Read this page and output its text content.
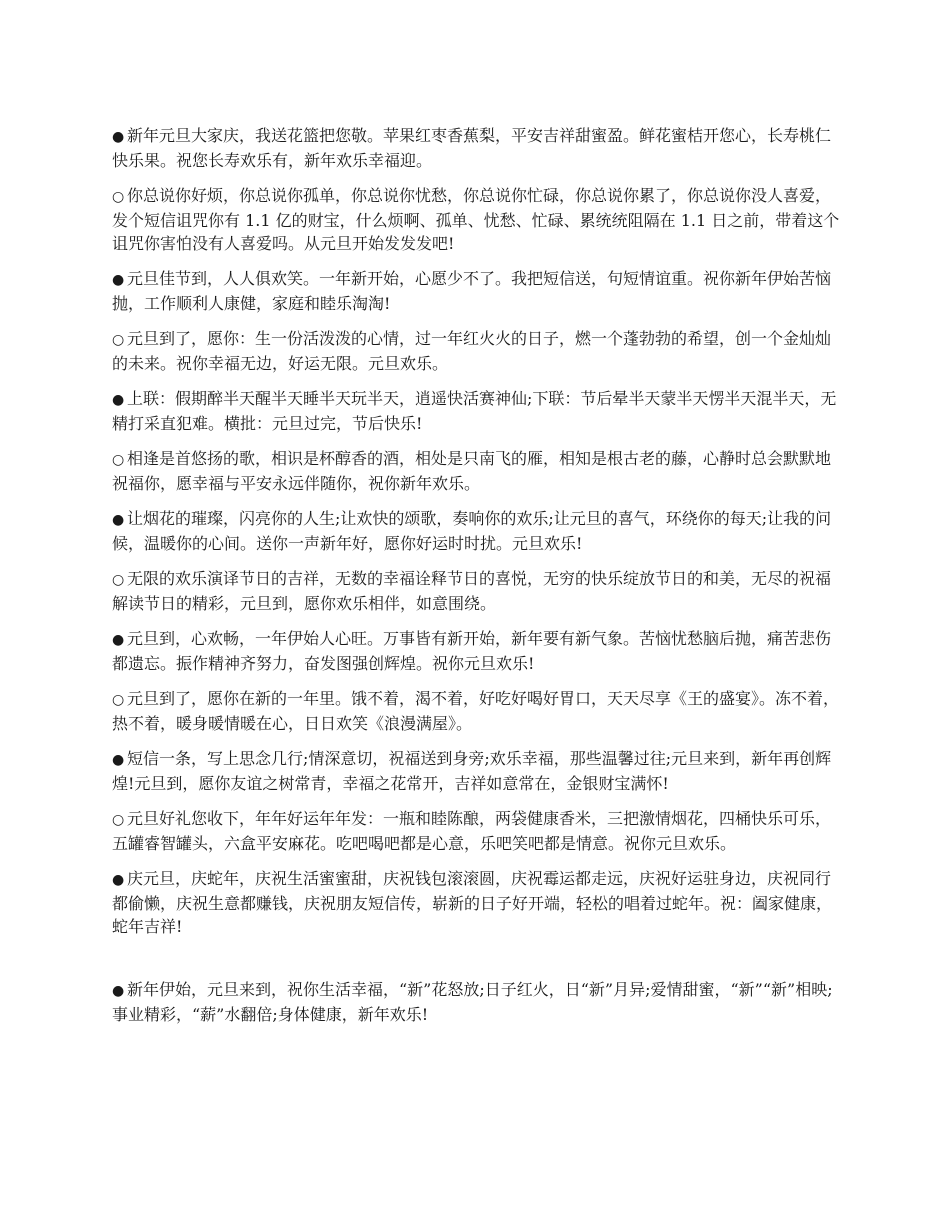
● 新年元旦大家庆，我送花篮把您敬。苹果红枣香蕉梨，平安吉祥甜蜜盈。鲜花蜜桔开您心，长寿桃仁快乐果。祝您长寿欢乐有，新年欢乐幸福迎。

○ 你总说你好烦，你总说你孤单，你总说你忧愁，你总说你忙碌，你总说你累了，你总说你没人喜爱，发个短信诅咒你有 1.1 亿的财宝，什么烦啊、孤单、忧愁、忙碌、累统统阻隔在 1.1 日之前，带着这个诅咒你害怕没有人喜爱吗。从元旦开始发发发吧!

● 元旦佳节到，人人俱欢笑。一年新开始，心愿少不了。我把短信送，句短情谊重。祝你新年伊始苦恼抛，工作顺利人康健，家庭和睦乐淘淘!

○ 元旦到了，愿你：生一份活泼泼的心情，过一年红火火的日子，燃一个蓬勃勃的希望，创一个金灿灿的未来。祝你幸福无边，好运无限。元旦欢乐。

● 上联：假期醉半天醒半天睡半天玩半天，逍遥快活赛神仙;下联：节后晕半天蒙半天愣半天混半天，无精打采直犯难。横批：元旦过完，节后快乐!

○ 相逢是首悠扬的歌，相识是杯醇香的酒，相处是只南飞的雁，相知是根古老的藤，心静时总会默默地祝福你，愿幸福与平安永远伴随你，祝你新年欢乐。

● 让烟花的璀璨，闪亮你的人生;让欢快的颂歌，奏响你的欢乐;让元旦的喜气，环绕你的每天;让我的问候，温暖你的心间。送你一声新年好，愿你好运时时扰。元旦欢乐!

○ 无限的欢乐演译节日的吉祥，无数的幸福诠释节日的喜悦，无穷的快乐绽放节日的和美，无尽的祝福解读节日的精彩，元旦到，愿你欢乐相伴，如意围绕。

● 元旦到，心欢畅，一年伊始人心旺。万事皆有新开始，新年要有新气象。苦恼忧愁脑后抛，痛苦悲伤都遗忘。振作精神齐努力，奋发图强创辉煌。祝你元旦欢乐!

○ 元旦到了，愿你在新的一年里。饿不着，渴不着，好吃好喝好胃口，天天尽享《王的盛宴》。冻不着，热不着，暖身暖情暖在心，日日欢笑《浪漫满屋》。

● 短信一条，写上思念几行;情深意切，祝福送到身旁;欢乐幸福，那些温馨过往;元旦来到，新年再创辉煌!元旦到，愿你友谊之树常青，幸福之花常开，吉祥如意常在，金银财宝满怀!

○ 元旦好礼您收下，年年好运年年发：一瓶和睦陈酿，两袋健康香米，三把激情烟花，四桶快乐可乐，五罐睿智罐头，六盒平安麻花。吃吧喝吧都是心意，乐吧笑吧都是情意。祝你元旦欢乐。

● 庆元旦，庆蛇年，庆祝生活蜜蜜甜，庆祝钱包滚滚圆，庆祝霉运都走远，庆祝好运驻身边，庆祝同行都偷懒，庆祝生意都赚钱，庆祝朋友短信传，崭新的日子好开端，轻松的唱着过蛇年。祝：阖家健康，蛇年吉祥!

● 新年伊始，元旦来到，祝你生活幸福，“新”花怒放;日子红火，日“新”月异;爱情甜蜜，“新”“新”相映;事业精彩，“薪”水翻倍;身体健康，新年欢乐!
